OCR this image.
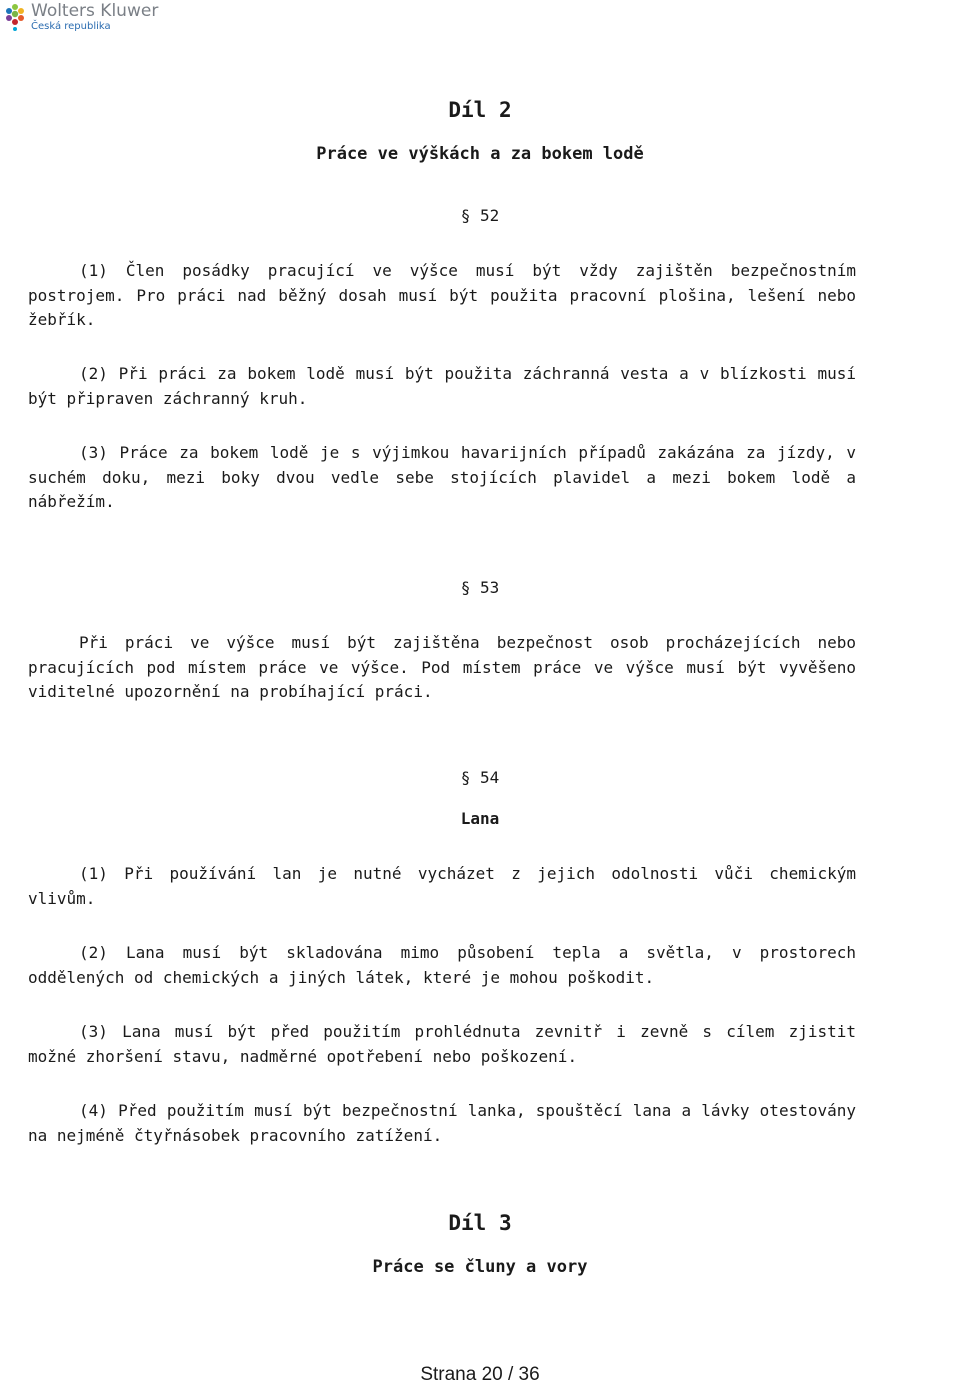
Wolters Kluwer
Česká republika
Díl 2
Práce ve výškách a za bokem lodě
§ 52

(1) Člen posádky pracující ve výšce musí být vždy zajištěn bezpečnostním postrojem. Pro práci nad běžný dosah musí být použita pracovní plošina, lešení nebo žebřík.

(2) Při práci za bokem lodě musí být použita záchranná vesta a v blízkosti musí být připraven záchranný kruh.

(3) Práce za bokem lodě je s výjimkou havarijních případů zakázána za jízdy, v suchém doku, mezi boky dvou vedle sebe stojících plavidel a mezi bokem lodě a nábřežím.

§ 53

Při práci ve výšce musí být zajištěna bezpečnost osob procházejících nebo pracujících pod místem práce ve výšce. Pod místem práce ve výšce musí být vyvěšeno viditelné upozornění na probíhající práci.

§ 54
Lana

(1) Při používání lan je nutné vycházet z jejich odolnosti vůči chemickým vlivům.

(2) Lana musí být skladována mimo působení tepla a světla, v prostorech oddělených od chemických a jiných látek, které je mohou poškodit.

(3) Lana musí být před použitím prohlédnuta zevnitř i zevně s cílem zjistit možné zhoršení stavu, nadměrné opotřebení nebo poškození.

(4) Před použitím musí být bezpečnostní lanka, spouštěcí lana a lávky otestovány na nejméně čtyřnásobek pracovního zatížení.

Díl 3
Práce se čluny a vory
Strana 20 / 36
